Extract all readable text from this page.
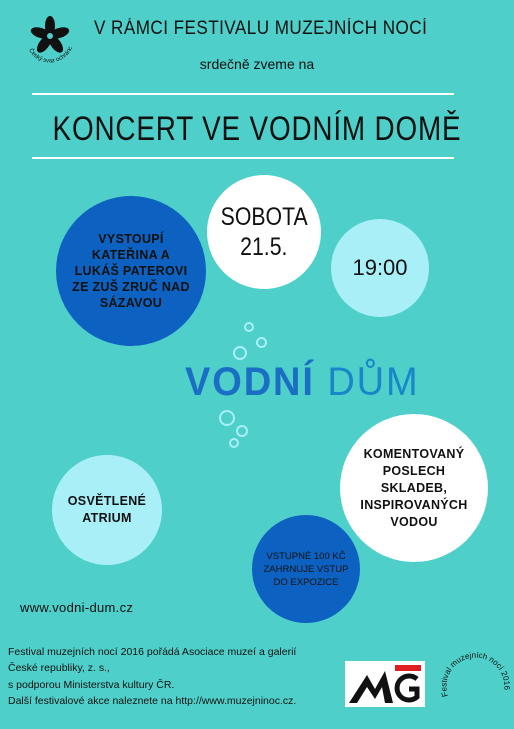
Český svaz ochránc
V RÁMCI FESTIVALU MUZEJNÍCH NOCÍ
srdečně zveme na
KONCERT VE VODNÍM DOMĚ
VYSTOUPÍ KATEŘINA A LUKÁŠ PATEROVI ZE ZUŠ ZRUČ NAD SÁZAVOU
SOBOTA
21.5.
19:00
VODNÍ DŮM
KOMENTOVANÝ POSLECH SKLADEB, INSPIROVANÝCH VODOU
OSVĚTLENÉ ATRIUM
VSTUPNÉ 100 KČ ZAHRNUJE VSTUP DO EXPOZICE
www.vodni-dum.cz
Festival muzejních nocí 2016 pořádá Asociace muzeí a galerií
České republiky, z. s.,
s podporou Ministerstva kultury ČR.
Další festivalové akce naleznete na http://www.muzejninoc.cz.
Festival muzejních nocí 2016
